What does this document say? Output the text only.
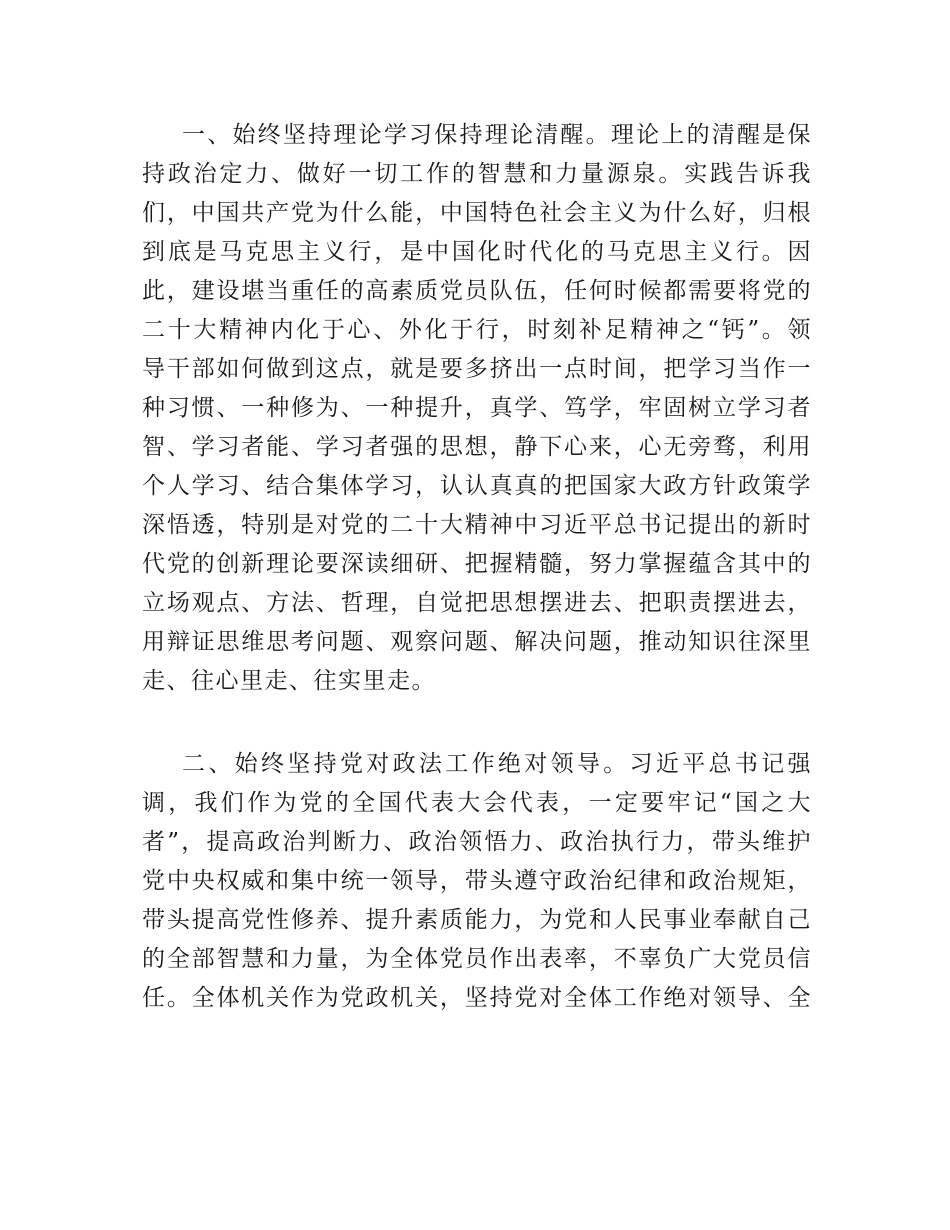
一、始终坚持理论学习保持理论清醒。理论上的清醒是保
持政治定力、做好一切工作的智慧和力量源泉。实践告诉我
们，中国共产党为什么能，中国特色社会主义为什么好，归根
到底是马克思主义行，是中国化时代化的马克思主义行。因
此，建设堪当重任的高素质党员队伍，任何时候都需要将党的
二十大精神内化于心、外化于行，时刻补足精神之“钙”。领
导干部如何做到这点，就是要多挤出一点时间，把学习当作一
种习惯、一种修为、一种提升，真学、笃学，牢固树立学习者
智、学习者能、学习者强的思想，静下心来，心无旁骛，利用
个人学习、结合集体学习，认认真真的把国家大政方针政策学
深悟透，特别是对党的二十大精神中习近平总书记提出的新时
代党的创新理论要深读细研、把握精髓，努力掌握蕴含其中的
立场观点、方法、哲理，自觉把思想摆进去、把职责摆进去，
用辩证思维思考问题、观察问题、解决问题，推动知识往深里
走、往心里走、往实里走。
二、始终坚持党对政法工作绝对领导。习近平总书记强
调，我们作为党的全国代表大会代表，一定要牢记“国之大
者”，提高政治判断力、政治领悟力、政治执行力，带头维护
党中央权威和集中统一领导，带头遵守政治纪律和政治规矩，
带头提高党性修养、提升素质能力，为党和人民事业奉献自己
的全部智慧和力量，为全体党员作出表率，不辜负广大党员信
任。全体机关作为党政机关，坚持党对全体工作绝对领导、全
